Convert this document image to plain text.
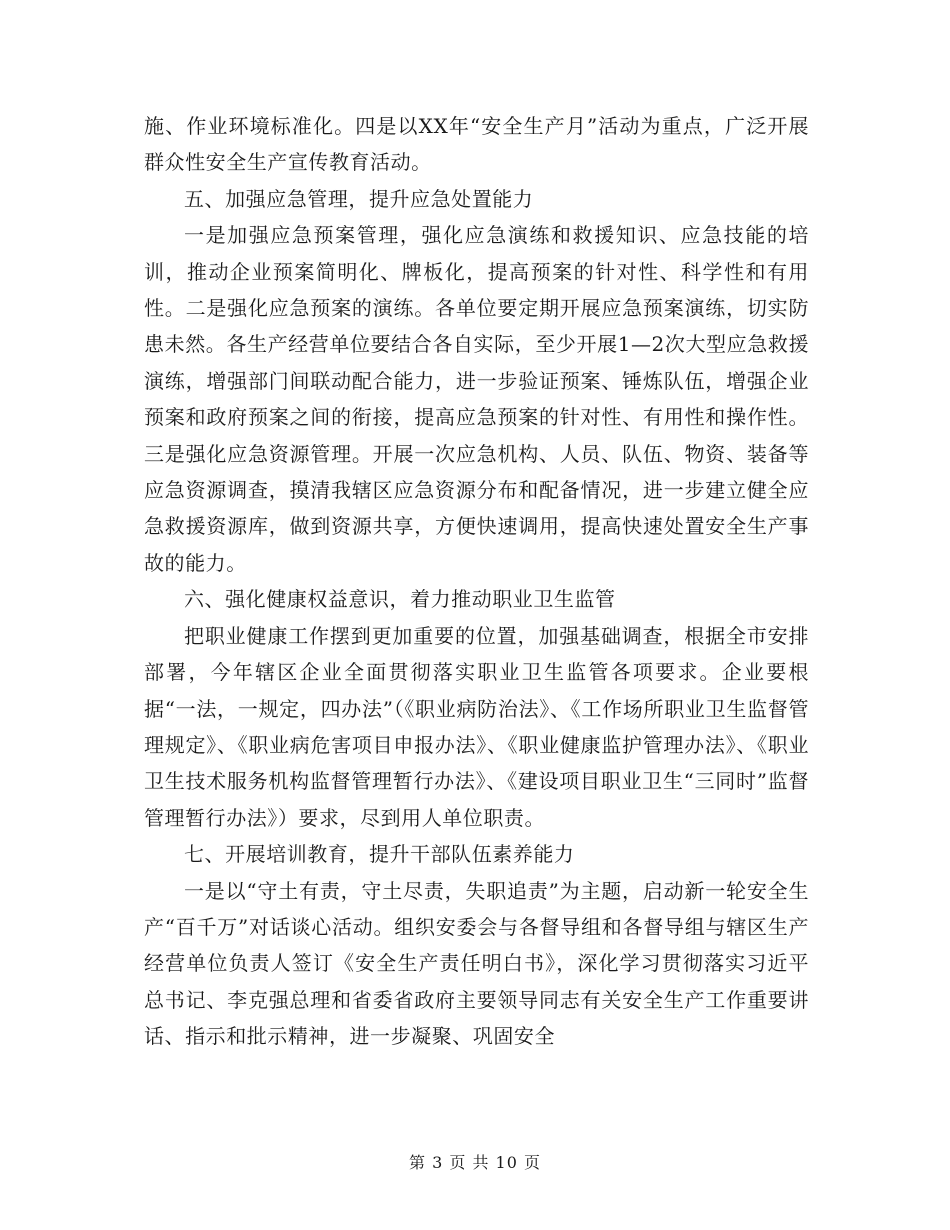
施、作业环境标准化。四是以XX年“安全生产月”活动为重点，广泛开展群众性安全生产宣传教育活动。

五、加强应急管理，提升应急处置能力

一是加强应急预案管理，强化应急演练和救援知识、应急技能的培训，推动企业预案简明化、牌板化，提高预案的针对性、科学性和有用性。二是强化应急预案的演练。各单位要定期开展应急预案演练，切实防患未然。各生产经营单位要结合各自实际，至少开展1—2次大型应急救援演练，增强部门间联动配合能力，进一步验证预案、锤炼队伍，增强企业预案和政府预案之间的衔接，提高应急预案的针对性、有用性和操作性。三是强化应急资源管理。开展一次应急机构、人员、队伍、物资、装备等应急资源调查，摸清我辖区应急资源分布和配备情况，进一步建立健全应急救援资源库，做到资源共享，方便快速调用，提高快速处置安全生产事故的能力。

六、强化健康权益意识，着力推动职业卫生监管

把职业健康工作摆到更加重要的位置，加强基础调查，根据全市安排部署，今年辖区企业全面贯彻落实职业卫生监管各项要求。企业要根据“一法，一规定，四办法”（《职业病防治法》、《工作场所职业卫生监督管理规定》、《职业病危害项目申报办法》、《职业健康监护管理办法》、《职业卫生技术服务机构监督管理暂行办法》、《建设项目职业卫生“三同时”监督管理暂行办法》）要求，尽到用人单位职责。

七、开展培训教育，提升干部队伍素养能力

一是以“守土有责，守土尽责，失职追责”为主题，启动新一轮安全生产“百千万”对话谈心活动。组织安委会与各督导组和各督导组与辖区生产经营单位负责人签订《安全生产责任明白书》，深化学习贯彻落实习近平总书记、李克强总理和省委省政府主要领导同志有关安全生产工作重要讲话、指示和批示精神，进一步凝聚、巩固安全

第 3 页 共 10 页
